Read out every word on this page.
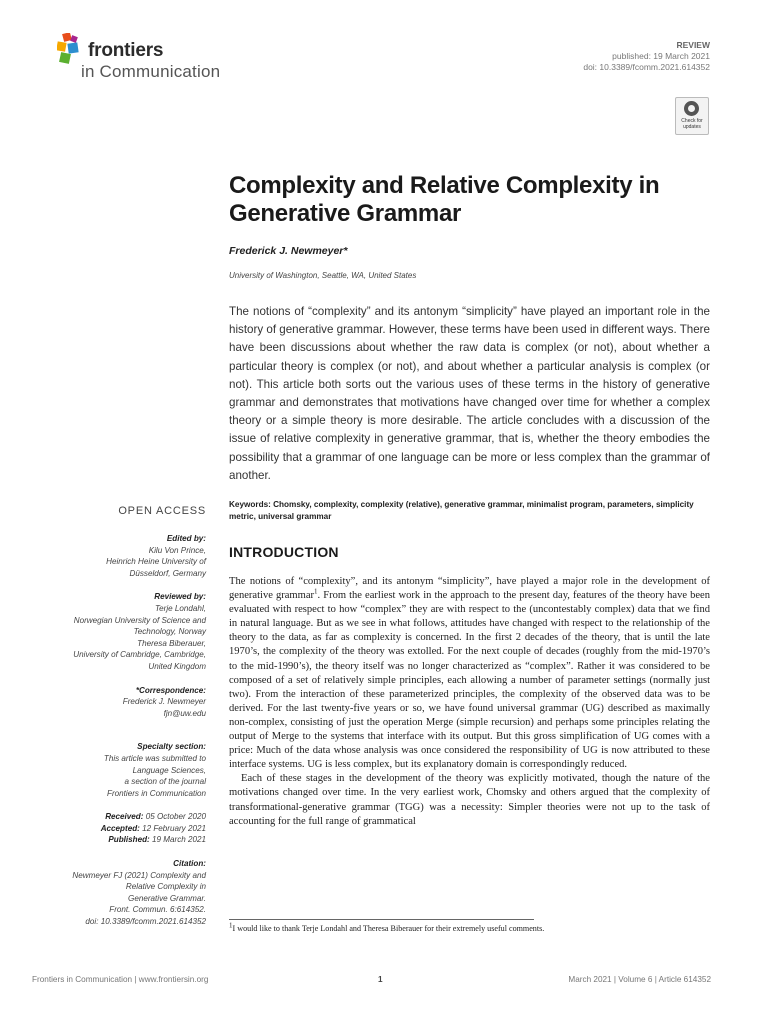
frontiers
in Communication
REVIEW
published: 19 March 2021
doi: 10.3389/fcomm.2021.614352
Check for
updates
Complexity and Relative Complexity in
Generative Grammar
Frederick J. Newmeyer*
University of Washington, Seattle, WA, United States
The notions of “complexity” and its antonym “simplicity” have played an important role in the history of generative grammar. However, these terms have been used in different ways. There have been discussions about whether the raw data is complex (or not), about whether a particular theory is complex (or not), and about whether a particular analysis is complex (or not). This article both sorts out the various uses of these terms in the history of generative grammar and demonstrates that motivations have changed over time for whether a complex theory or a simple theory is more desirable. The article concludes with a discussion of the issue of relative complexity in generative grammar, that is, whether the theory embodies the possibility that a grammar of one language can be more or less complex than the grammar of another.
Keywords: Chomsky, complexity, complexity (relative), generative grammar, minimalist program, parameters, simplicity metric, universal grammar
OPEN ACCESS
Edited by:
Kilu Von Prince,
Heinrich Heine University of
Düsseldorf, Germany
Reviewed by:
Terje Londahl,
Norwegian University of Science and
Technology, Norway
Theresa Biberauer,
University of Cambridge, Cambridge,
United Kingdom
*Correspondence:
Frederick J. Newmeyer
fjn@uw.edu
Specialty section:
This article was submitted to
Language Sciences,
a section of the journal
Frontiers in Communication
Received: 05 October 2020
Accepted: 12 February 2021
Published: 19 March 2021
Citation:
Newmeyer FJ (2021) Complexity and
Relative Complexity in
Generative Grammar.
Front. Commun. 6:614352.
doi: 10.3389/fcomm.2021.614352
INTRODUCTION

The notions of “complexity”, and its antonym “simplicity”, have played a major role in the development of generative grammar$^1$. From the earliest work in the approach to the present day, features of the theory have been evaluated with respect to how “complex” they are with respect to the (uncontestably complex) data that we find in natural language. But as we see in what follows, attitudes have changed with respect to the relationship of the theory to the data, as far as complexity is concerned. In the first 2 decades of the theory, that is until the late 1970’s, the complexity of the theory was extolled. For the next couple of decades (roughly from the mid-1970’s to the mid-1990’s), the theory itself was no longer characterized as “complex”. Rather it was considered to be composed of a set of relatively simple principles, each allowing a number of parameter settings (normally just two). From the interaction of these parameterized principles, the complexity of the observed data was to be derived. For the last twenty-five years or so, we have found universal grammar (UG) described as maximally non-complex, consisting of just the operation Merge (simple recursion) and perhaps some principles relating the output of Merge to the systems that interface with its output. But this gross simplification of UG comes with a price: Much of the data whose analysis was once considered the responsibility of UG is now attributed to these interface systems. UG is less complex, but its explanatory domain is correspondingly reduced.

Each of these stages in the development of the theory was explicitly motivated, though the nature of the motivations changed over time. In the very earliest work, Chomsky and others argued that the complexity of transformational-generative grammar (TGG) was a necessity: Simpler theories were not up to the task of accounting for the full range of grammatical

$^1$I would like to thank Terje Londahl and Theresa Biberauer for their extremely useful comments.
Frontiers in Communication | www.frontiersin.org	1	March 2021 | Volume 6 | Article 614352
